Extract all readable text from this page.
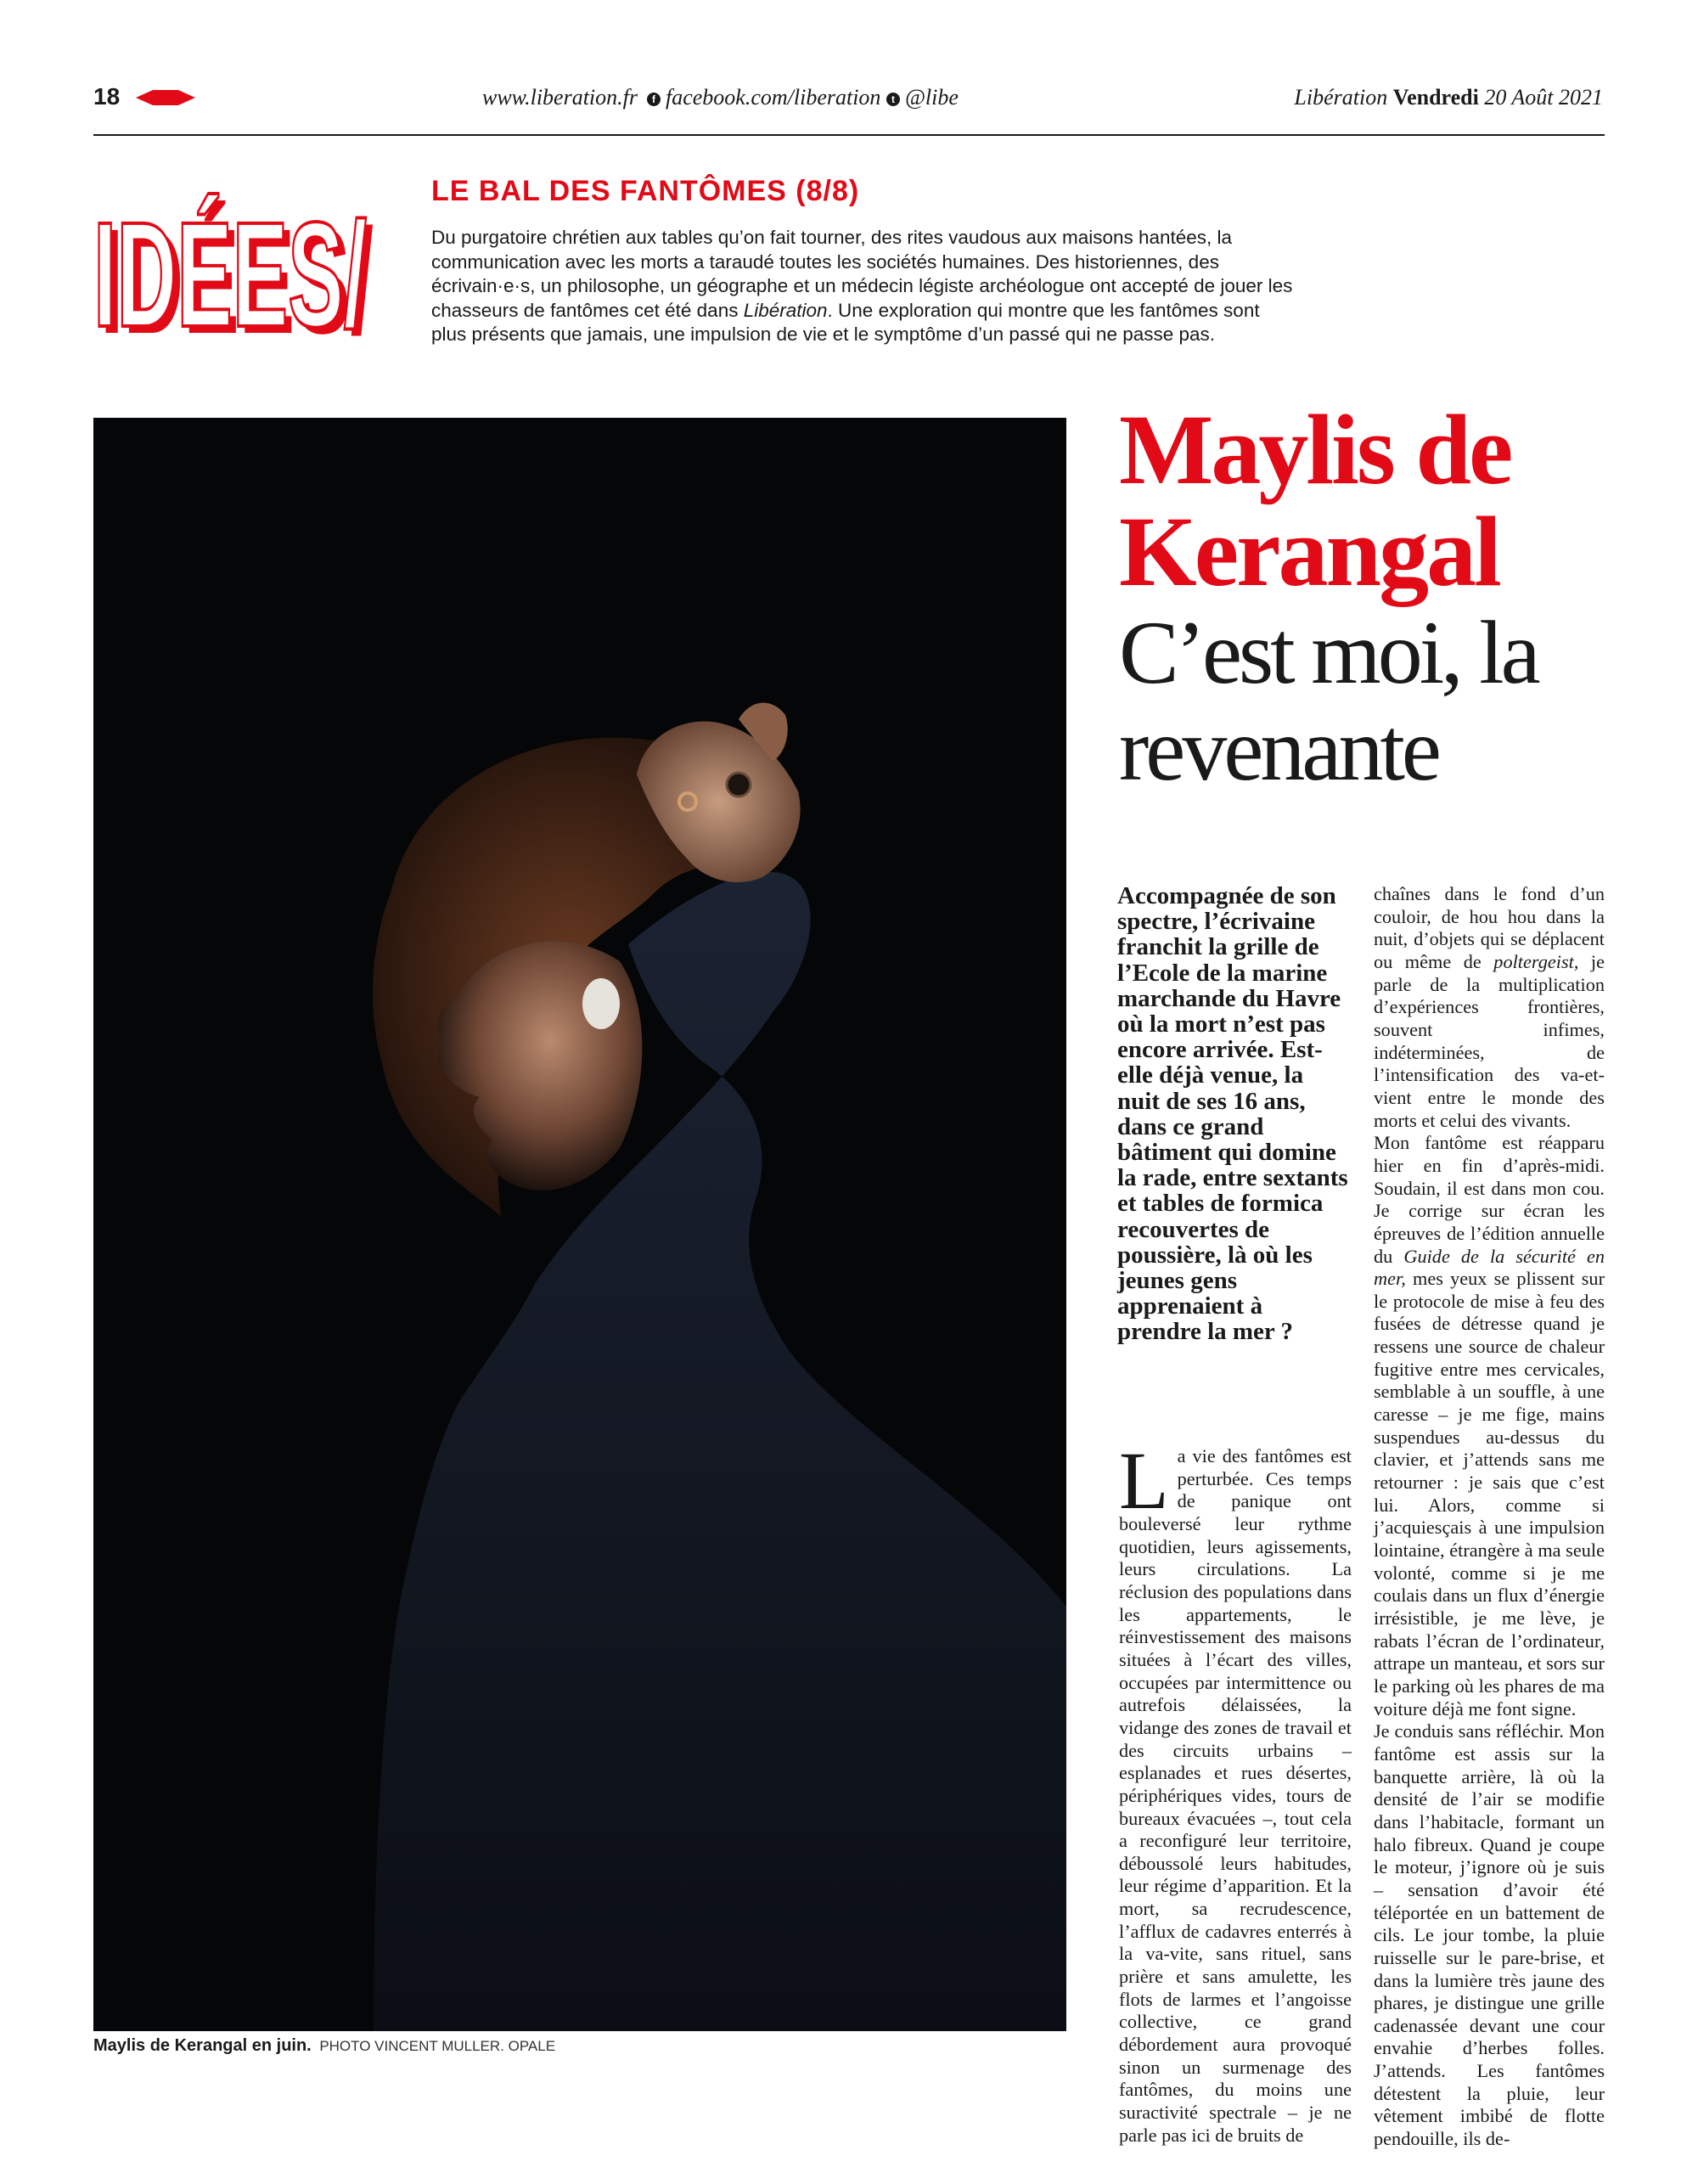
18	www.liberation.fr	f facebook.com/liberation	t @libe	Libération Vendredi 20 Août 2021
IDÉES/
IDÉES/
LE BAL DES FANTÔMES (8/8)
Du purgatoire chrétien aux tables qu’on fait tourner, des rites vaudous aux maisons hantées, la communication avec les morts a taraudé toutes les sociétés humaines. Des historiennes, des écrivain·e·s, un philosophe, un géographe et un médecin légiste archéologue ont accepté de jouer les chasseurs de fantômes cet été dans Libération. Une exploration qui montre que les fantômes sont plus présents que jamais, une impulsion de vie et le symptôme d’un passé qui ne passe pas.
Maylis de Kerangal en juin. PHOTO VINCENT MULLER. OPALE
Maylis de Kerangal
C’est moi, la revenante
Accompagnée de son spectre, l’écrivaine franchit la grille de l’Ecole de la marine marchande du Havre où la mort n’est pas encore arrivée. Est-elle déjà venue, la nuit de ses 16 ans, dans ce grand bâtiment qui domine la rade, entre sextants et tables de formica recouvertes de poussière, là où les jeunes gens apprenaient à prendre la mer ?

La vie des fantômes est perturbée. Ces temps de panique ont bouleversé leur rythme quotidien, leurs agissements, leurs circulations. La réclusion des populations dans les appartements, le réinvestissement des maisons situées à l’écart des villes, occupées par intermittence ou autrefois délaissées, la vidange des zones de travail et des circuits urbains – esplanades et rues désertes, périphériques vides, tours de bureaux évacuées –, tout cela a reconfiguré leur territoire, déboussolé leurs habitudes, leur régime d’apparition. Et la mort, sa recrudescence, l’afflux de cadavres enterrés à la va-vite, sans rituel, sans prière et sans amulette, les flots de larmes et l’angoisse collective, ce grand débordement aura provoqué sinon un surmenage des fantômes, du moins une suractivité spectrale – je ne parle pas ici de bruits de

chaînes dans le fond d’un couloir, de hou hou dans la nuit, d’objets qui se déplacent ou même de poltergeist, je parle de la multiplication d’expériences frontières, souvent infimes, indéterminées, de l’intensification des va-et-vient entre le monde des morts et celui des vivants.

Mon fantôme est réapparu hier en fin d’après-midi. Soudain, il est dans mon cou. Je corrige sur écran les épreuves de l’édition annuelle du Guide de la sécurité en mer, mes yeux se plissent sur le protocole de mise à feu des fusées de détresse quand je ressens une source de chaleur fugitive entre mes cervicales, semblable à un souffle, à une caresse – je me fige, mains suspendues au-dessus du clavier, et j’attends sans me retourner : je sais que c’est lui. Alors, comme si j’acquiesçais à une impulsion lointaine, étrangère à ma seule volonté, comme si je me coulais dans un flux d’énergie irrésistible, je me lève, je rabats l’écran de l’ordinateur, attrape un manteau, et sors sur le parking où les phares de ma voiture déjà me font signe.

Je conduis sans réfléchir. Mon fantôme est assis sur la banquette arrière, là où la densité de l’air se modifie dans l’habitacle, formant un halo fibreux. Quand je coupe le moteur, j’ignore où je suis – sensation d’avoir été téléportée en un battement de cils. Le jour tombe, la pluie ruisselle sur le pare-brise, et dans la lumière très jaune des phares, je distingue une grille cadenassée devant une cour envahie d’herbes folles. J’attends. Les fantômes détestent la pluie, leur vêtement imbibé de flotte pendouille, ils de-
